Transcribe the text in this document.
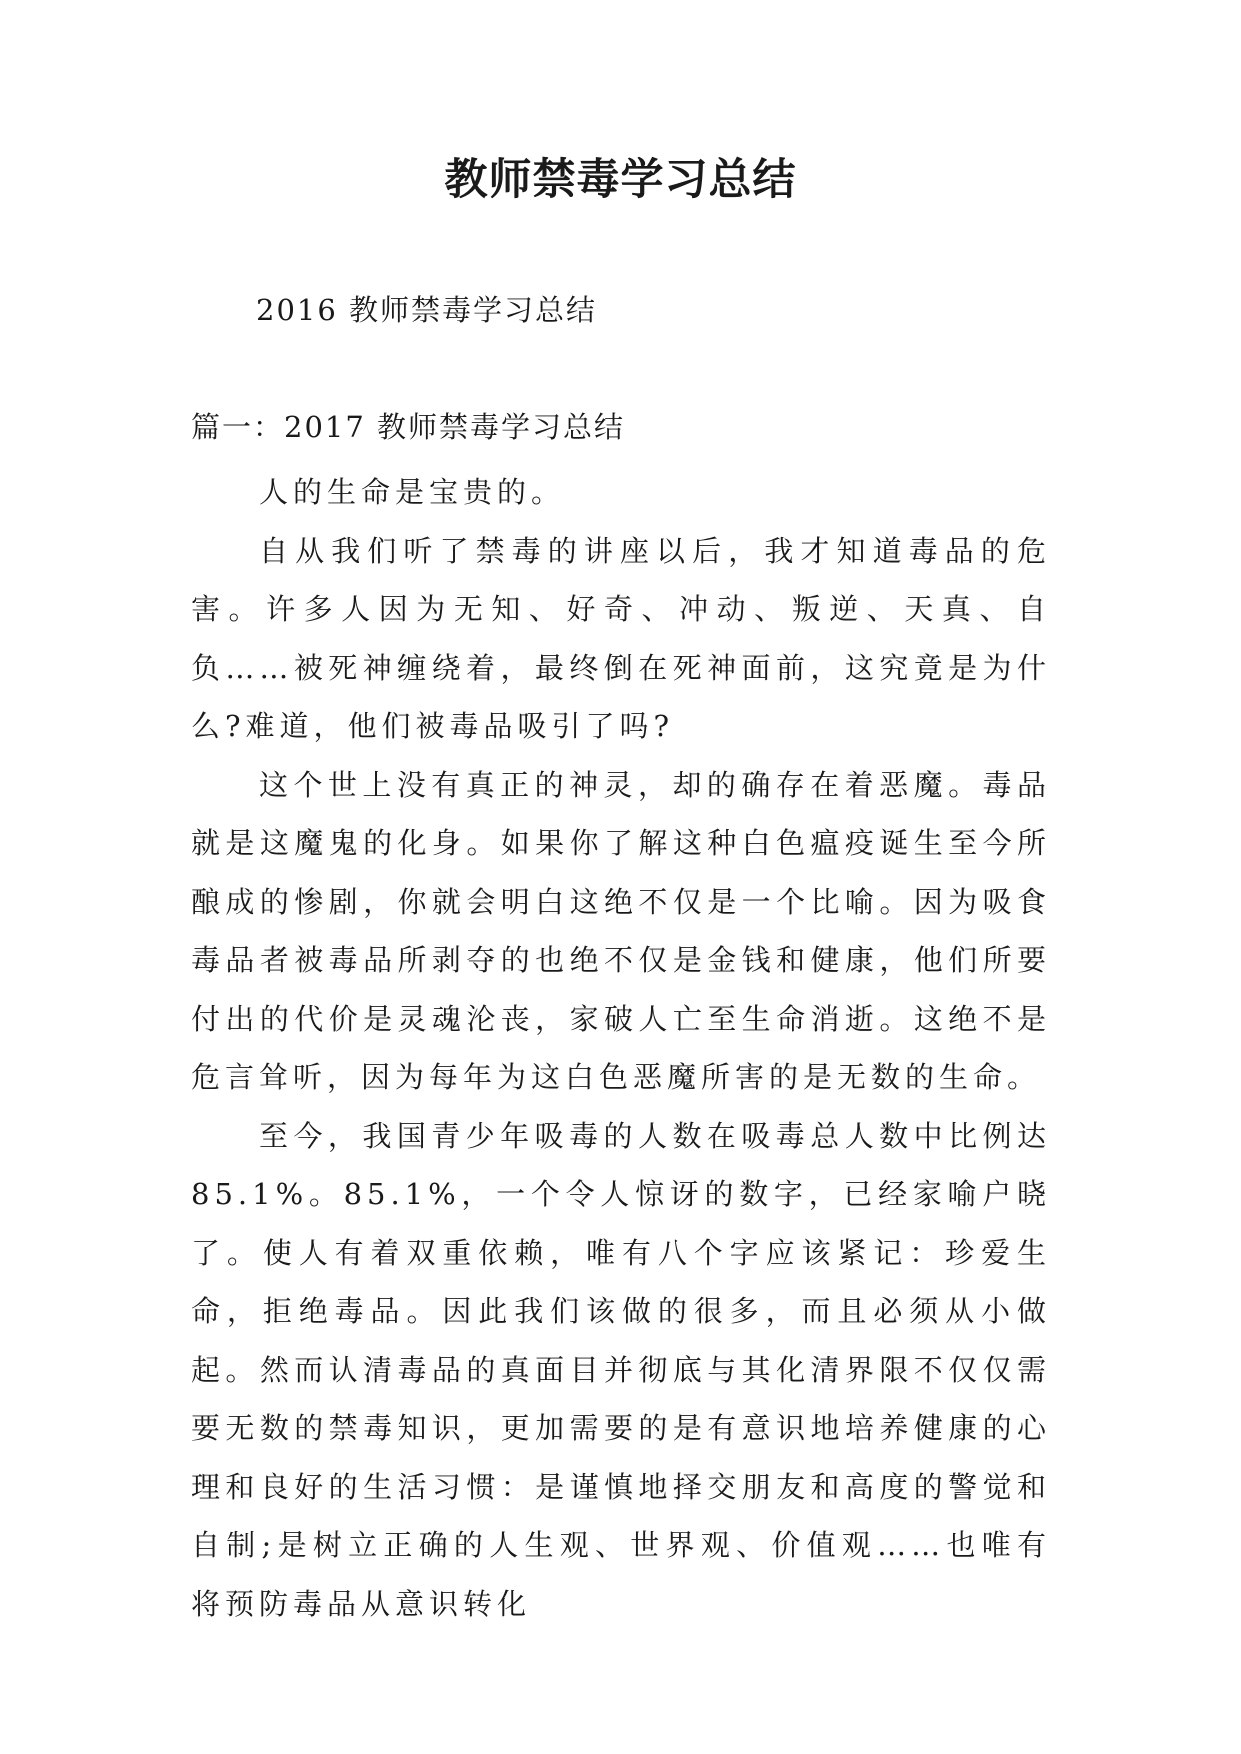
教师禁毒学习总结
2016 教师禁毒学习总结
篇一：2017 教师禁毒学习总结

人的生命是宝贵的。

自从我们听了禁毒的讲座以后，我才知道毒品的危害。许多人因为无知、好奇、冲动、叛逆、天真、自负……被死神缠绕着，最终倒在死神面前，这究竟是为什么?难道，他们被毒品吸引了吗?

这个世上没有真正的神灵，却的确存在着恶魔。毒品就是这魔鬼的化身。如果你了解这种白色瘟疫诞生至今所酿成的惨剧，你就会明白这绝不仅是一个比喻。因为吸食毒品者被毒品所剥夺的也绝不仅是金钱和健康，他们所要付出的代价是灵魂沦丧，家破人亡至生命消逝。这绝不是危言耸听，因为每年为这白色恶魔所害的是无数的生命。

至今，我国青少年吸毒的人数在吸毒总人数中比例达85.1%。85.1%，一个令人惊讶的数字，已经家喻户晓了。使人有着双重依赖，唯有八个字应该紧记：珍爱生命，拒绝毒品。因此我们该做的很多，而且必须从小做起。然而认清毒品的真面目并彻底与其化清界限不仅仅需要无数的禁毒知识，更加需要的是有意识地培养健康的心理和良好的生活习惯：是谨慎地择交朋友和高度的警觉和自制;是树立正确的人生观、世界观、价值观……也唯有将预防毒品从意识转化
